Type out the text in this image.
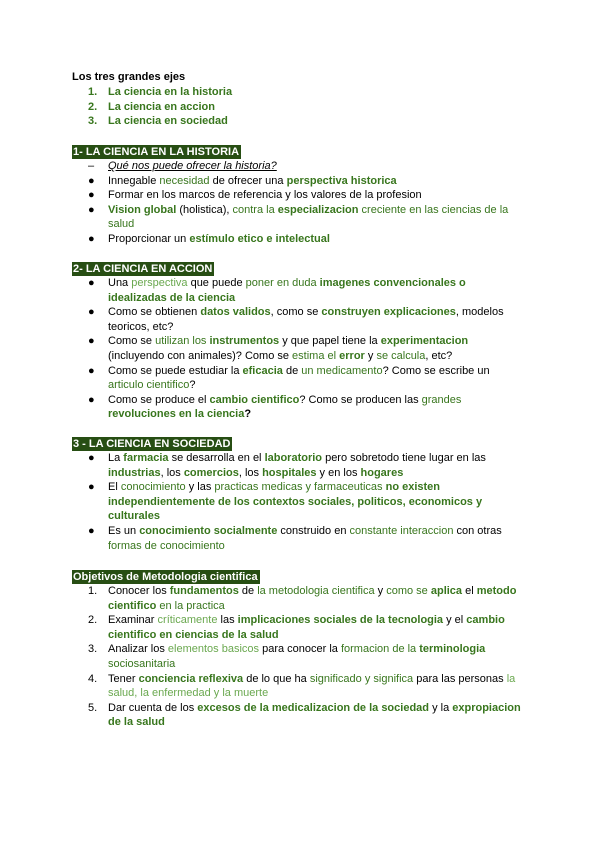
Los tres grandes ejes
1. La ciencia en la historia
2. La ciencia en accion
3. La ciencia en sociedad
1- LA CIENCIA EN LA HISTORIA
– Qué nos puede ofrecer la historia?
● Innegable necesidad de ofrecer una perspectiva historica
● Formar en los marcos de referencia y los valores de la profesion
● Vision global (holistica), contra la especializacion creciente en las ciencias de la salud
● Proporcionar un estímulo etico e intelectual
2- LA CIENCIA EN ACCION
● Una perspectiva que puede poner en duda imagenes convencionales o idealizadas de la ciencia
● Como se obtienen datos validos, como se construyen explicaciones, modelos teoricos, etc?
● Como se utilizan los instrumentos y que papel tiene la experimentacion (incluyendo con animales)? Como se estima el error y se calcula, etc?
● Como se puede estudiar la eficacia de un medicamento? Como se escribe un articulo cientifico?
● Como se produce el cambio cientifico? Como se producen las grandes revoluciones en la ciencia?
3 - LA CIENCIA EN SOCIEDAD
● La farmacia se desarrolla en el laboratorio pero sobretodo tiene lugar en las industrias, los comercios, los hospitales y en los hogares
● El conocimiento y las practicas medicas y farmaceuticas no existen independientemente de los contextos sociales, politicos, economicos y culturales
● Es un conocimiento socialmente construido en constante interaccion con otras formas de conocimiento
Objetivos de Metodologia cientifica
1. Conocer los fundamentos de la metodologia cientifica y como se aplica el metodo cientifico en la practica
2. Examinar críticamente las implicaciones sociales de la tecnologia y el cambio cientifico en ciencias de la salud
3. Analizar los elementos basicos para conocer la formacion de la terminologia sociosanitaria
4. Tener conciencia reflexiva de lo que ha significado y significa para las personas la salud, la enfermedad y la muerte
5. Dar cuenta de los excesos de la medicalizacion de la sociedad y la expropiacion de la salud
